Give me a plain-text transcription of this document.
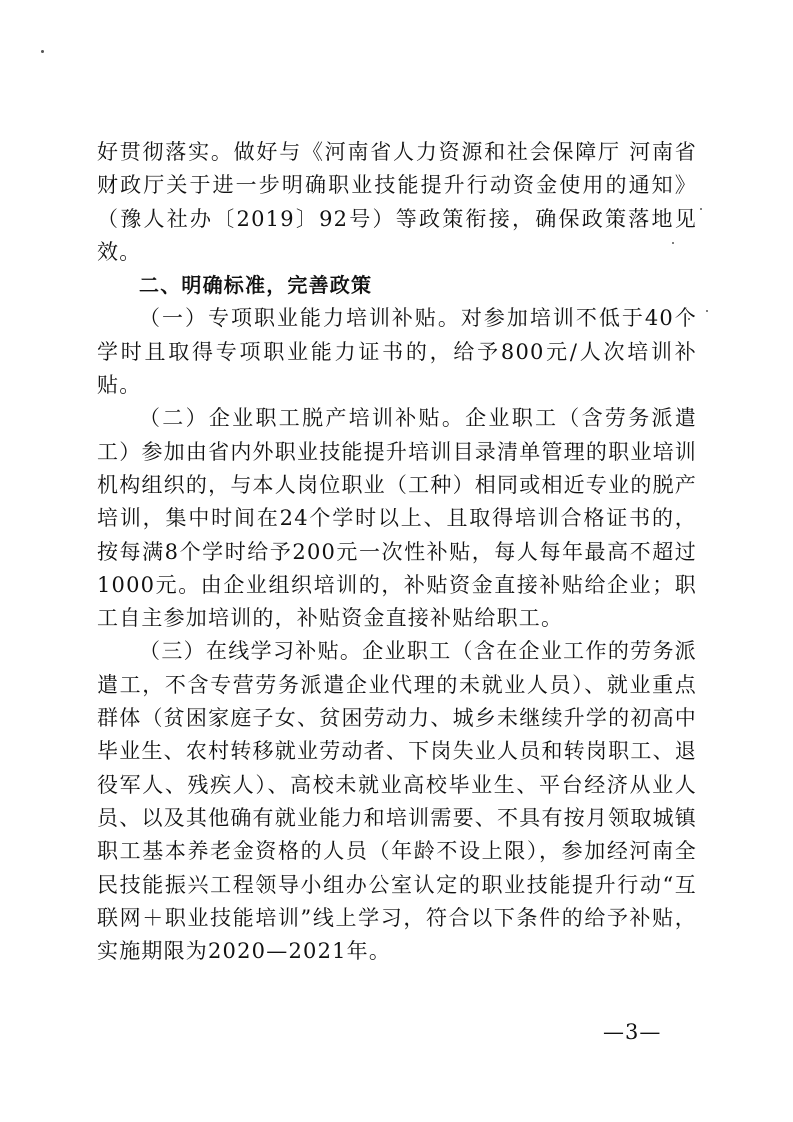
好贯彻落实。做好与《河南省人力资源和社会保障厅 河南省财政厅关于进一步明确职业技能提升行动资金使用的通知》（豫人社办〔2019〕92号）等政策衔接，确保政策落地见效。

二、明确标准，完善政策

（一）专项职业能力培训补贴。对参加培训不低于40个学时且取得专项职业能力证书的，给予800元/人次培训补贴。

（二）企业职工脱产培训补贴。企业职工（含劳务派遣工）参加由省内外职业技能提升培训目录清单管理的职业培训机构组织的，与本人岗位职业（工种）相同或相近专业的脱产培训，集中时间在24个学时以上、且取得培训合格证书的，按每满8个学时给予200元一次性补贴，每人每年最高不超过1000元。由企业组织培训的，补贴资金直接补贴给企业；职工自主参加培训的，补贴资金直接补贴给职工。

（三）在线学习补贴。企业职工（含在企业工作的劳务派遣工，不含专营劳务派遣企业代理的未就业人员）、就业重点群体（贫困家庭子女、贫困劳动力、城乡未继续升学的初高中毕业生、农村转移就业劳动者、下岗失业人员和转岗职工、退役军人、残疾人）、高校未就业高校毕业生、平台经济从业人员、以及其他确有就业能力和培训需要、不具有按月领取城镇职工基本养老金资格的人员（年龄不设上限），参加经河南全民技能振兴工程领导小组办公室认定的职业技能提升行动“互联网＋职业技能培训”线上学习，符合以下条件的给予补贴，实施期限为2020—2021年。

—3—
